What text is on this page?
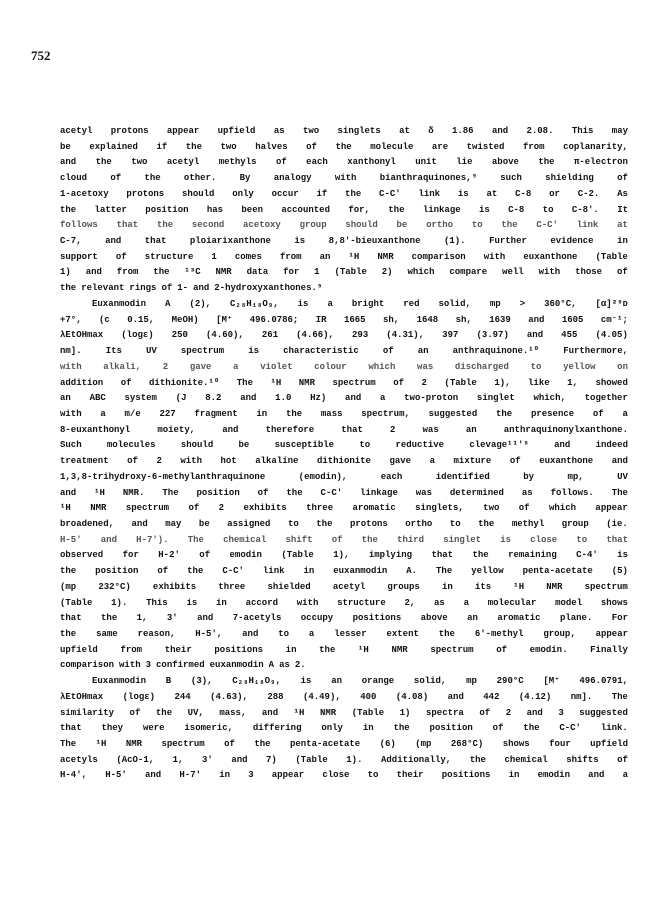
752
acetyl protons appear upfield as two singlets at δ 1.86 and 2.08. This may
be explained if the two halves of the molecule are twisted from coplanarity,
and the two acetyl methyls of each xanthonyl unit lie above the π-electron
cloud	of	the	other.	By	analogy	with	bianthraquinones,⁹	such	shielding	of
1-acetoxy protons should only occur if the C-C' link is at C-8 or C-2. As
the latter position has been accounted for, the linkage is C-8 to C-8'. It
follows that the second acetoxy group should be ortho to the C-C' link at
C-7,	and	that	ploiarixanthone	is	8,8'-bieuxanthone	(1).	Further	evidence	in
support of structure 1 comes from an ¹H NMR comparison with euxanthone (Table
1) and from the ¹³C NMR data for 1 (Table 2) which compare well with those of
the relevant rings of 1- and 2-hydroxyxanthones.⁹
Euxanmodin A (2), C₂₈H₁₈O₉, is a bright red solid, mp > 360°C, [α]²⁸ᴅ
+7°, (c 0.15, MeOH) [M⁺ 496.0786; IR 1665 sh, 1648 sh, 1639 and 1605 cm⁻¹;
λEtOHmax (logε) 250 (4.60), 261 (4.66), 293 (4.31), 397 (3.97) and 455 (4.05)
nm].	Its	UV	spectrum	is	characteristic	of	an	anthraquinone.¹⁰	Furthermore,
with alkali, 2 gave a violet colour which was discharged to yellow on
addition of dithionite.¹⁰ The ¹H NMR spectrum of 2 (Table 1), like 1, showed
an ABC system (J 8.2 and 1.0 Hz) and a two-proton singlet which, together
with a m/e 227 fragment in the mass spectrum, suggested the presence of a
8-euxanthonyl	moiety,	and	therefore	that	2	was	an	anthraquinonylxanthone.
Such	molecules	should	be	susceptible	to	reductive	clevage¹¹'⁸	and	indeed
treatment of 2 with hot alkaline dithionite gave a mixture of euxanthone and
1,3,8-trihydroxy-6-methylanthraquinone	(emodin),	each	identified	by	mp,	UV
and ¹H NMR. The position of the C-C' linkage was determined as follows. The
¹H NMR spectrum of 2 exhibits three aromatic singlets, two of which appear
broadened, and may be assigned to the protons ortho to the methyl group (ie.
H-5' and H-7'). The chemical shift of the third singlet is close to that
observed for H-2' of emodin (Table 1), implying that the remaining C-4' is
the position of the C-C' link in euxanmodin A. The yellow penta-acetate (5)
(mp 232°C) exhibits three shielded acetyl groups in its ¹H NMR spectrum
(Table 1). This is in accord with structure 2, as a molecular model shows
that the 1, 3' and 7-acetyls occupy positions above an aromatic plane. For
the same reason, H-5', and to a lesser extent the 6'-methyl group, appear
upfield	from	their	positions	in	the	¹H	NMR	spectrum	of	emodin.	Finally
comparison with 3 confirmed euxanmodin A as 2.
Euxanmodin B (3), C₂₈H₁₈O₉, is an orange solid, mp 290°C [M⁺ 496.0791,
λEtOHmax (logε) 244 (4.63), 288 (4.49), 400 (4.08) and 442 (4.12) nm]. The
similarity of the UV, mass, and ¹H NMR (Table 1) spectra of 2 and 3 suggested
that they were isomeric, differing only in the position of the C-C' link.
The ¹H NMR spectrum of the penta-acetate (6) (mp 268°C) shows four upfield
acetyls (AcO-1, 1, 3' and 7) (Table 1). Additionally, the chemical shifts of
H-4', H-5' and H-7' in 3 appear close to their positions in emodin and a
